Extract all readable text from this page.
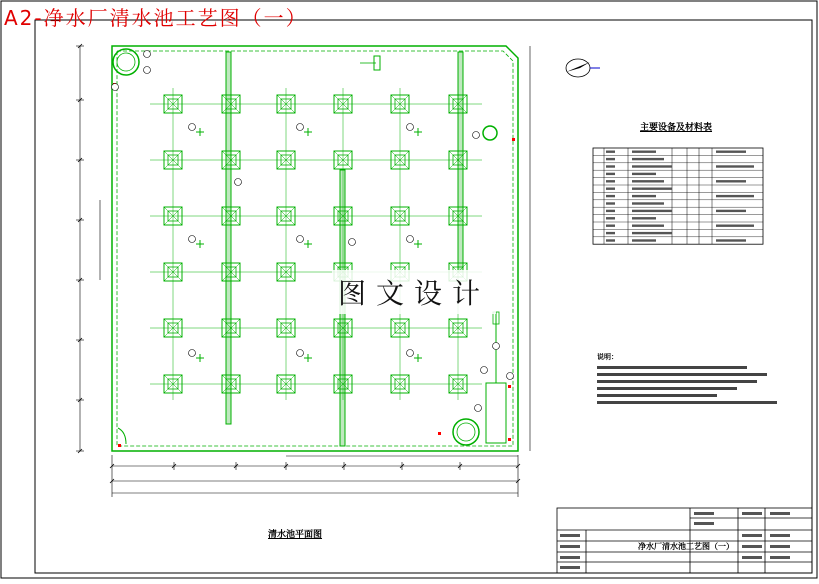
A2-净水厂清水池工艺图（一）
图文设计
主要设备及材料表
清水池平面图
说明：
净水厂清水池工艺图（一）
